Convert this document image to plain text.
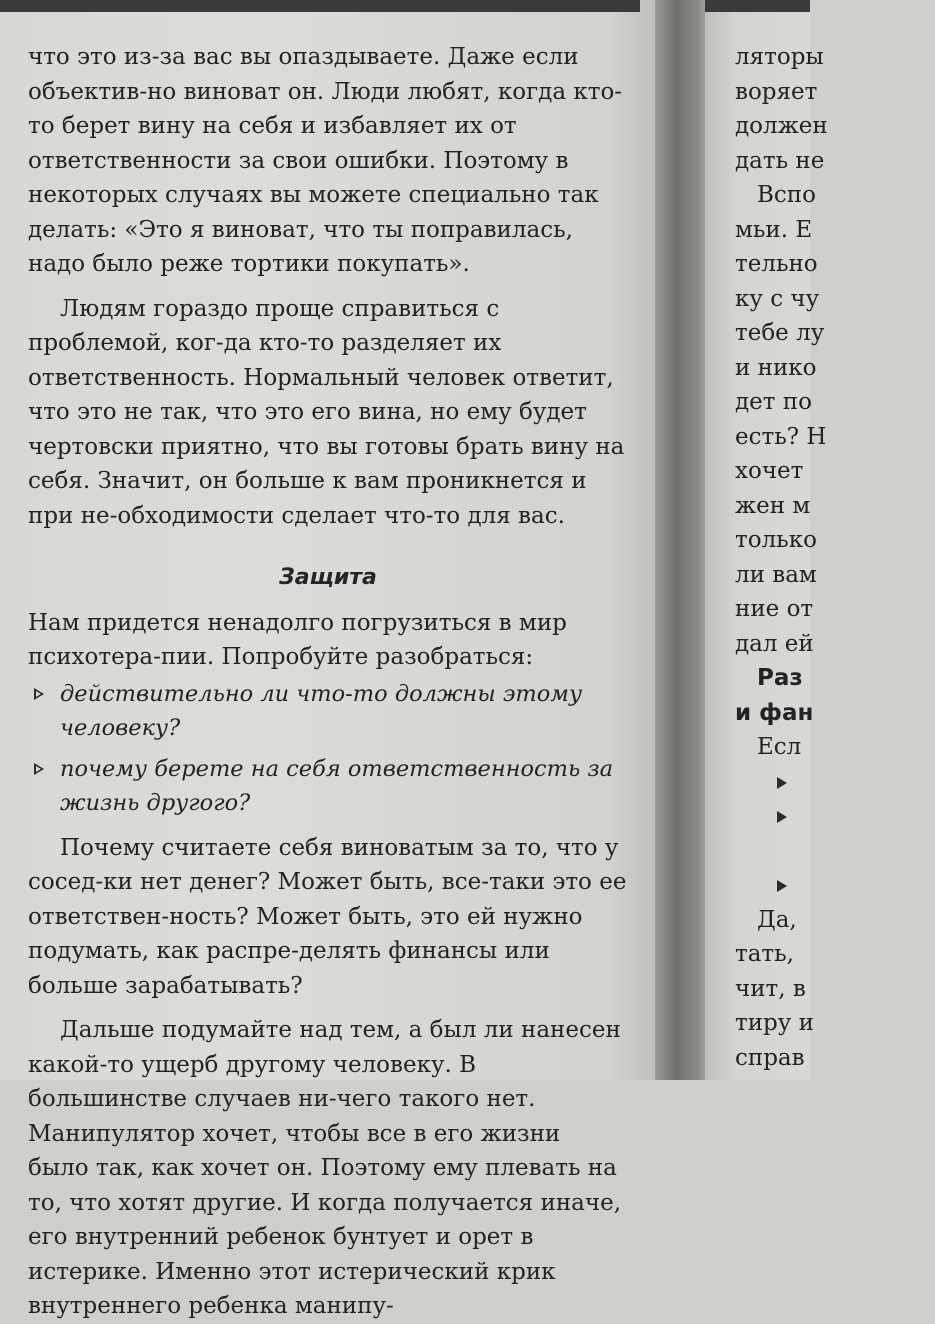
что это из-за вас вы опаздываете. Даже если объектив-но виноват он. Люди любят, когда кто-то берет вину на себя и избавляет их от ответственности за свои ошибки. Поэтому в некоторых случаях вы можете специально так делать: «Это я виноват, что ты поправилась, надо было реже тортики покупать».

Людям гораздо проще справиться с проблемой, ког-да кто-то разделяет их ответственность. Нормальный человек ответит, что это не так, что это его вина, но ему будет чертовски приятно, что вы готовы брать вину на себя. Значит, он больше к вам проникнется и при не-обходимости сделает что-то для вас.

Защита

Нам придется ненадолго погрузиться в мир психотера-пии. Попробуйте разобраться:

действительно ли что-то должны этому человеку?
почему берете на себя ответственность за жизнь другого?

Почему считаете себя виноватым за то, что у сосед-ки нет денег? Может быть, все-таки это ее ответствен-ность? Может быть, это ей нужно подумать, как распре-делять финансы или больше зарабатывать?

Дальше подумайте над тем, а был ли нанесен какой-то ущерб другому человеку. В большинстве случаев ни-чего такого нет. Манипулятор хочет, чтобы все в его жизни было так, как хочет он. Поэтому ему плевать на то, что хотят другие. И когда получается иначе, его внутренний ребенок бунтует и орет в истерике. Именно этот истерический крик внутреннего ребенка манипу-

ляторы
воряет
должен
дать не
Вспо
мьи. Е
тельно
ку с чу
тебе лу
и нико
дет по
есть? Н
хочет
жен м
только
ли вам
ние от
дал ей
Раз
и фан
Есл
Да,
тать,
чит, в
тиру и
справ
